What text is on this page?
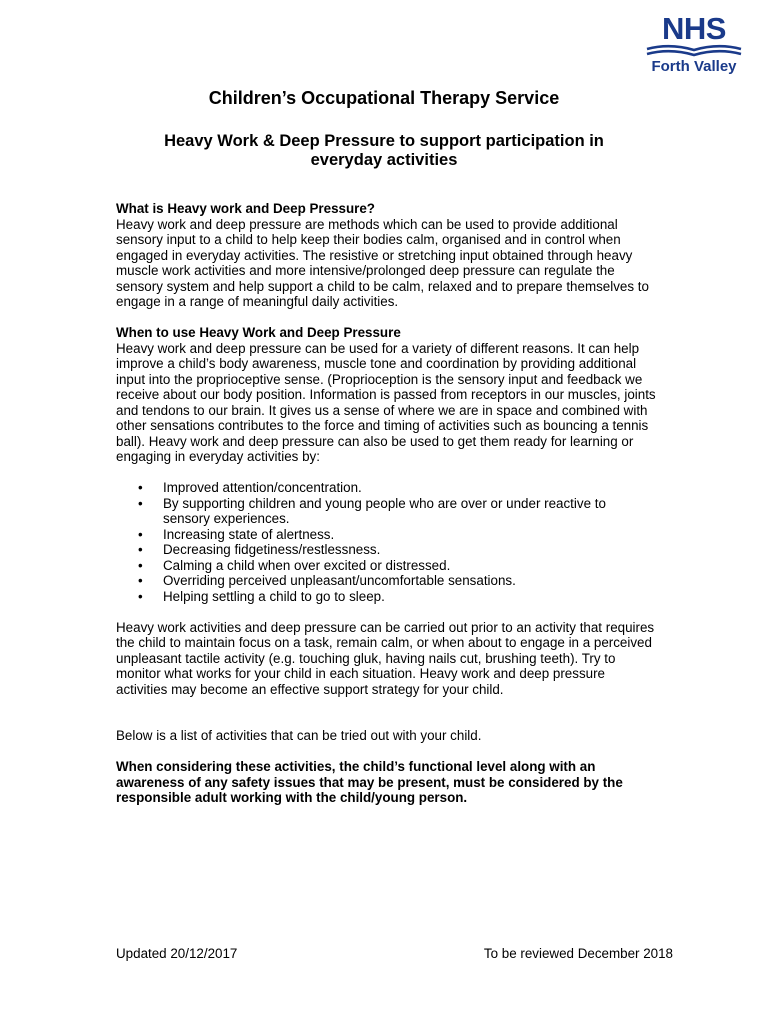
NHS
Forth Valley
Children’s Occupational Therapy Service
Heavy Work & Deep Pressure to support participation in everyday activities

What is Heavy work and Deep Pressure?

Heavy work and deep pressure are methods which can be used to provide additional sensory input to a child to help keep their bodies calm, organised and in control when engaged in everyday activities. The resistive or stretching input obtained through heavy muscle work activities and more intensive/prolonged deep pressure can regulate the sensory system and help support a child to be calm, relaxed and to prepare themselves to engage in a range of meaningful daily activities.

When to use Heavy Work and Deep Pressure

Heavy work and deep pressure can be used for a variety of different reasons. It can help improve a child’s body awareness, muscle tone and coordination by providing additional input into the proprioceptive sense. (Proprioception is the sensory input and feedback we receive about our body position. Information is passed from receptors in our muscles, joints and tendons to our brain. It gives us a sense of where we are in space and combined with other sensations contributes to the force and timing of activities such as bouncing a tennis ball). Heavy work and deep pressure can also be used to get them ready for learning or engaging in everyday activities by:

• Improved attention/concentration.
• By supporting children and young people who are over or under reactive to sensory experiences.
• Increasing state of alertness.
• Decreasing fidgetiness/restlessness.
• Calming a child when over excited or distressed.
• Overriding perceived unpleasant/uncomfortable sensations.
• Helping settling a child to go to sleep.

Heavy work activities and deep pressure can be carried out prior to an activity that requires the child to maintain focus on a task, remain calm, or when about to engage in a perceived unpleasant tactile activity (e.g. touching gluk, having nails cut, brushing teeth). Try to monitor what works for your child in each situation. Heavy work and deep pressure activities may become an effective support strategy for your child.

Below is a list of activities that can be tried out with your child.

When considering these activities, the child’s functional level along with an awareness of any safety issues that may be present, must be considered by the responsible adult working with the child/young person.

Updated 20/12/2017	To be reviewed December 2018
